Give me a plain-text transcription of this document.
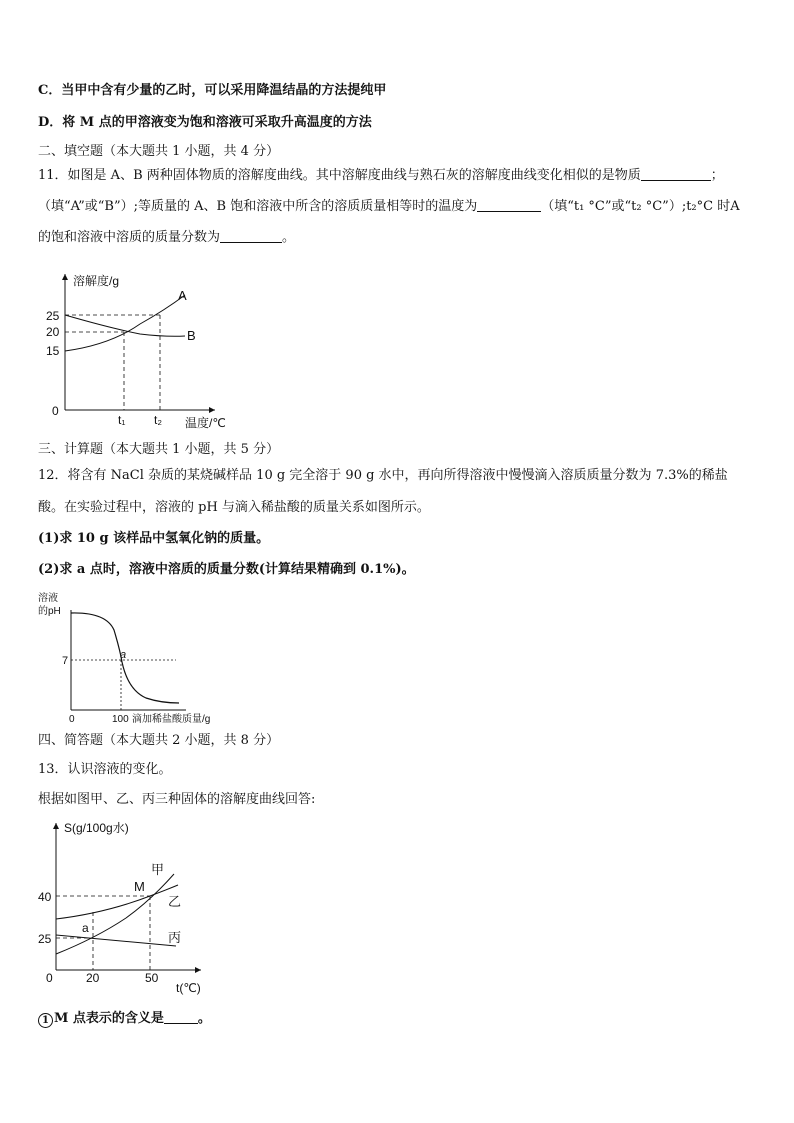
C．当甲中含有少量的乙时，可以采用降温结晶的方法提纯甲
D．将 M 点的甲溶液变为饱和溶液可采取升高温度的方法
二、填空题（本大题共 1 小题，共 4 分）
11．如图是 A、B 两种固体物质的溶解度曲线。其中溶解度曲线与熟石灰的溶解度曲线变化相似的是物质	；
（填“A”或“B”）;等质量的 A、B 饱和溶液中所含的溶质质量相等时的温度为	（填“t₁ °C”或“t₂ °C”）;t₂°C 时A
的饱和溶液中溶质的质量分数为	。
溶解度/g
温度/℃
25
20
15
0
t₁ t₂
A
B
三、计算题（本大题共 1 小题，共 5 分）
12．将含有 NaCl 杂质的某烧碱样品 10 g 完全溶于 90 g 水中，再向所得溶液中慢慢滴入溶质质量分数为 7.3%的稀盐
酸。在实验过程中，溶液的 pH 与滴入稀盐酸的质量关系如图所示。
(1)求 10 g 该样品中氢氧化钠的质量。
(2)求 a 点时，溶液中溶质的质量分数(计算结果精确到 0.1%)。
溶液
的pH
7
0	100 滴加稀盐酸质量/g
a
四、简答题（本大题共 2 小题，共 8 分）
13．认识溶液的变化。
根据如图甲、乙、丙三种固体的溶解度曲线回答:
S(g/100g水)
t(℃)
40
25
0	20	50
M
a
甲
乙
丙
1 M 点表示的含义是	。
